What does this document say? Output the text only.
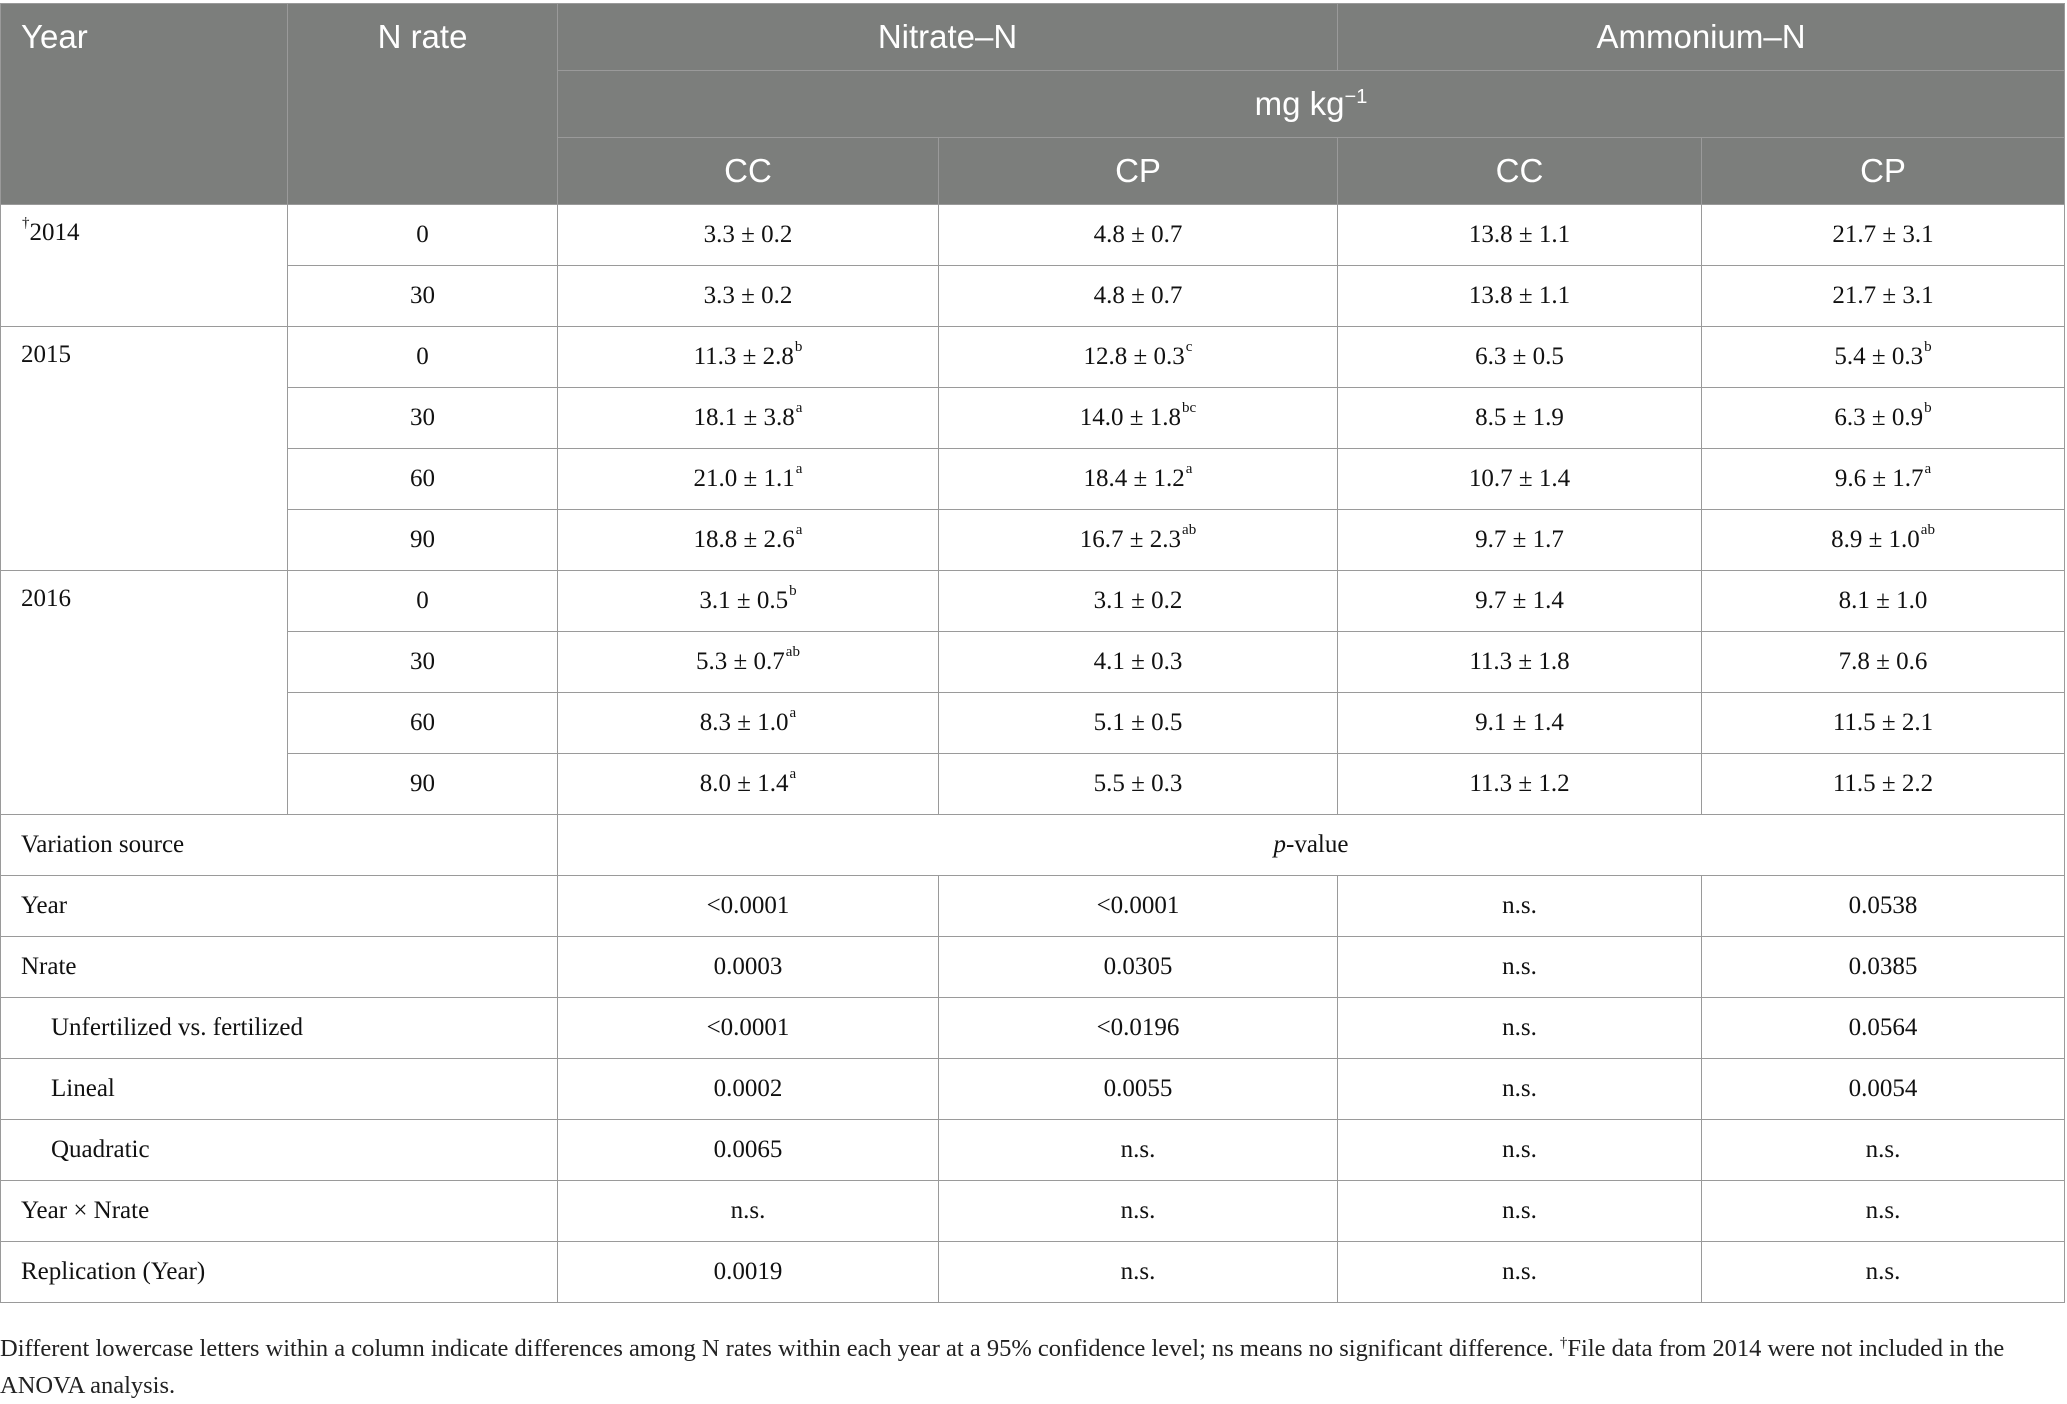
Year	N rate	Nitrate–N		Ammonium–N	
		mg $kg^{-1}$
		CC	CP	CC	CP
†2014	0	3.3 ± 0.2	4.8 ± 0.7	13.8 ± 1.1	21.7 ± 3.1
	30	3.3 ± 0.2	4.8 ± 0.7	13.8 ± 1.1	21.7 ± 3.1
2015	0	11.3 ± 2.8$^b$	12.8 ± 0.3$^c$	6.3 ± 0.5	5.4 ± 0.3$^b$
	30	18.1 ± 3.8$^a$	14.0 ± 1.8$^{bc}$	8.5 ± 1.9	6.3 ± 0.9$^b$
	60	21.0 ± 1.1$^a$	18.4 ± 1.2$^a$	10.7 ± 1.4	9.6 ± 1.7$^a$
	90	18.8 ± 2.6$^a$	16.7 ± 2.3$^{ab}$	9.7 ± 1.7	8.9 ± 1.0$^{ab}$
2016	0	3.1 ± 0.5$^b$	3.1 ± 0.2	9.7 ± 1.4	8.1 ± 1.0
	30	5.3 ± 0.7$^{ab}$	4.1 ± 0.3	11.3 ± 1.8	7.8 ± 0.6
	60	8.3 ± 1.0$^a$	5.1 ± 0.5	9.1 ± 1.4	11.5 ± 2.1
	90	8.0 ± 1.4$^a$	5.5 ± 0.3	11.3 ± 1.2	11.5 ± 2.2
Variation source		p-value			
Year		<0.0001	<0.0001	n.s.	0.0538
Nrate		0.0003	0.0305	n.s.	0.0385
Unfertilized vs. fertilized		<0.0001	<0.0196	n.s.	0.0564
Lineal		0.0002	0.0055	n.s.	0.0054
Quadratic		0.0065	n.s.	n.s.	n.s.
Year × Nrate		n.s.	n.s.	n.s.	n.s.
Replication (Year)		0.0019	n.s.	n.s.	n.s.
Different lowercase letters within a column indicate differences among N rates within each year at a 95% confidence level; ns means no significant difference. †File data from 2014 were not included in the ANOVA analysis.
